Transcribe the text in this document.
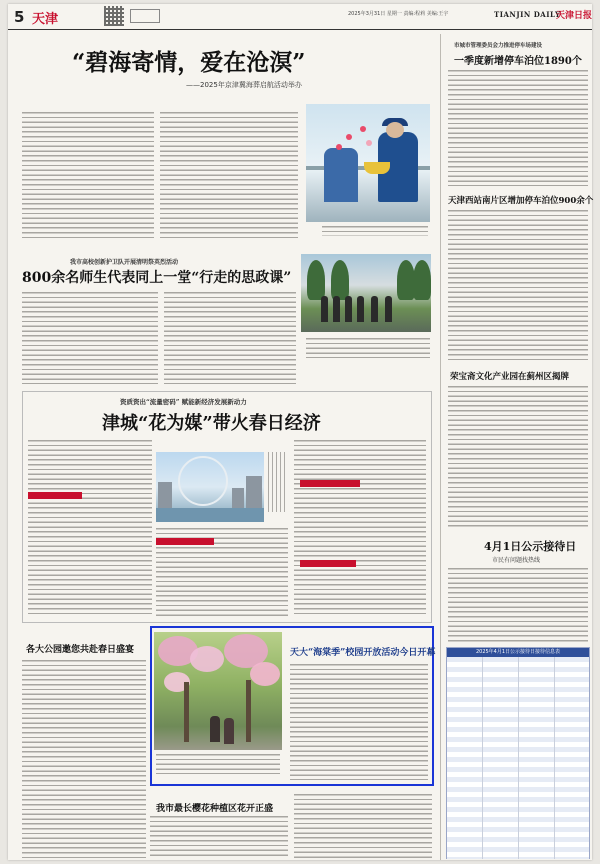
5 天津	2025年3月31日 星期一 责编:程莉 美编:王宇	TIANJIN DAILY
天津日报
“碧海寄情，爱在沧溟”
——2025年京津冀海葬启航活动举办
我市高校创新护卫队开展清明祭英烈活动
800余名师生代表同上一堂“行走的思政课”
资质资出“流量密码” 赋能新经济发展新动力
津城“花为媒”带火春日经济
各大公园邀您共赴春日盛宴	天大“海棠季”校园开放活动今日开幕
我市最长樱花种植区花开正盛
市城市管理委员会力推进停车场建设
一季度新增停车泊位1890个
天津西站南片区增加停车泊位900余个
荣宝斋文化产业园在蓟州区揭牌
4月1日公示接待日
市民有问题找热线
2025年4月1日公示接待日接待信息表
